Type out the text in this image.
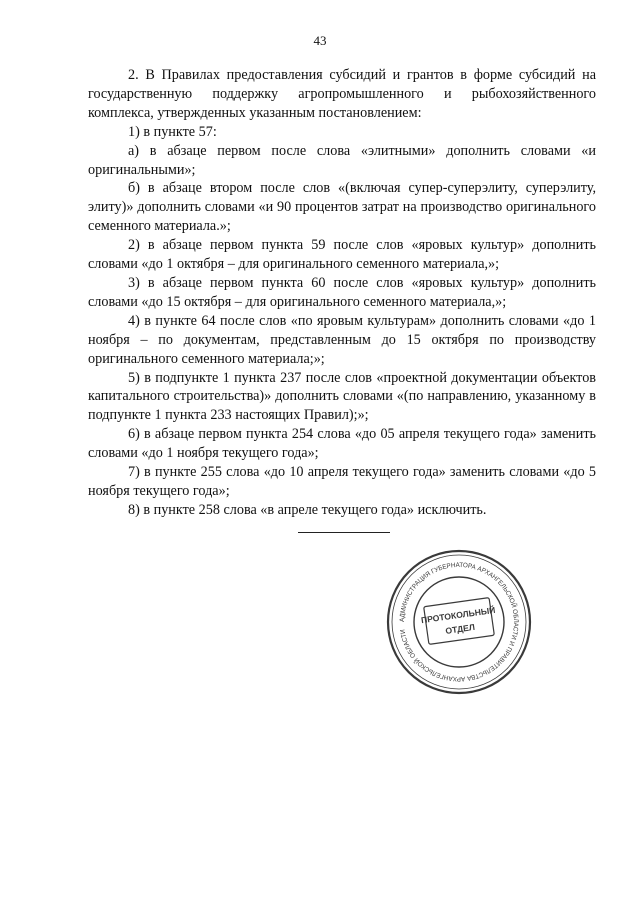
43

2. В Правилах предоставления субсидий и грантов в форме субсидий на государственную поддержку агропромышленного и рыбохозяйственного комплекса, утвержденных указанным постановлением:

1) в пункте 57:

а) в абзаце первом после слова «элитными» дополнить словами «и оригинальными»;

б) в абзаце втором после слов «(включая супер-суперэлиту, суперэлиту, элиту)» дополнить словами «и 90 процентов затрат на производство оригинального семенного материала.»;

2) в абзаце первом пункта 59 после слов «яровых культур» дополнить словами «до 1 октября – для оригинального семенного материала,»;

3) в абзаце первом пункта 60 после слов «яровых культур» дополнить словами «до 15 октября – для оригинального семенного материала,»;

4) в пункте 64 после слов «по яровым культурам» дополнить словами «до 1 ноября – по документам, представленным до 15 октября по производству оригинального семенного материала;»;

5) в подпункте 1 пункта 237 после слов «проектной документации объектов капитального строительства)» дополнить словами «(по направлению, указанному в подпункте 1 пункта 233 настоящих Правил);»;

6) в абзаце первом пункта 254 слова «до 05 апреля текущего года» заменить словами «до 1 ноября текущего года»;

7) в пункте 255 слова «до 10 апреля текущего года» заменить словами «до 5 ноября текущего года»;

8) в пункте 258 слова «в апреле текущего года» исключить.

АДМИНИСТРАЦИЯ ГУБЕРНАТОРА АРХАНГЕЛЬСКОЙ ОБЛАСТИ И ПРАВИТЕЛЬСТВА АРХАНГЕЛЬСКОЙ ОБЛАСТИ
ПРОТОКОЛЬНЫЙ
ОТДЕЛ
